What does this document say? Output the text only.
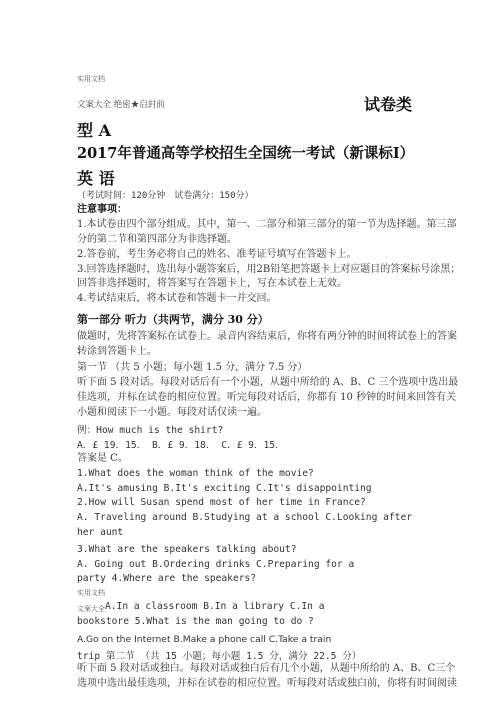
实用文档
文案大全 绝密★启封前	试卷类
型 A
2017年普通高等学校招生全国统一考试（新课标Ⅰ）
英 语
（考试时间：120分钟　试卷满分：150分）
注意事项：
1.本试卷由四个部分组成。其中，第一、二部分和第三部分的第一节为选择题。第三部
分的第二节和第四部分为非选择题。
2.答卷前，考生务必将自己的姓名、准考证号填写在答题卡上。
3.回答选择题时，选出每小题答案后，用2B铅笔把答题卡上对应题目的答案标号涂黑；
回答非选择题时，将答案写在答题卡上，写在本试卷上无效。
4.考试结束后，将本试卷和答题卡一并交回。
第一部分 听力（共两节，满分 30 分）
做题时，先将答案标在试卷上。录音内容结束后，你将有两分钟的时间将试卷上的答案
转涂到答题卡上。
第一节 （共 5 小题；每小题 1.5 分，满分 7.5 分）
听下面 5 段对话。每段对话后有一个小题，从题中所给的 A、B、C 三个选项中选出最
佳选项，并标在试卷的相应位置。听完每段对话后，你都有 10 秒钟的时间来回答有关
小题和阅读下一小题。每段对话仅读一遍。
例：How much is the shirt?
A．£ 19．15． B．£ 9．18． C．£ 9．15．
答案是 C。
1.What does the woman think of the movie?
A.It's amusing B.It's exciting C.It's disappointing
2.How will Susan spend most of her time in France?
A. Traveling around B.Studying at a school C.Looking after
her aunt
3.What are the speakers talking about?
A. Going out B.Ordering drinks C.Preparing for a
party 4.Where are the speakers?
实用文档
文案大全 A.In a classroom B.In a library C.In a
bookstore 5.What is the man going to do ?
A.Go on the Internet B.Make a phone call C.Take a train
trip 第二节 （共 15 小题；每小题 1.5 分，满分 22.5 分）
听下面 5 段对话或独白。每段对话或独白后有几个小题，从题中所给的 A、B、C三个
选项中选出最佳选项，并标在试卷的相应位置。听每段对话或独白前，你将有时间阅读
